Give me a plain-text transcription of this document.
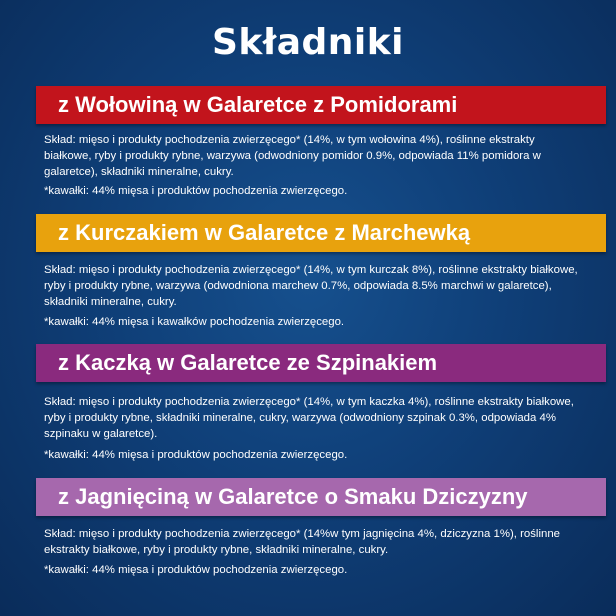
Składniki
z Wołowiną w Galaretce z Pomidorami
Skład: mięso i produkty pochodzenia zwierzęcego* (14%, w tym wołowina 4%), roślinne ekstrakty białkowe, ryby i produkty rybne, warzywa (odwodniony pomidor 0.9%, odpowiada 11% pomidora w galaretce), składniki mineralne, cukry.
*kawałki: 44% mięsa i produktów pochodzenia zwierzęcego.
z Kurczakiem w Galaretce z Marchewką
Skład: mięso i produkty pochodzenia zwierzęcego* (14%, w tym kurczak 8%), roślinne ekstrakty białkowe, ryby i produkty rybne, warzywa (odwodniona marchew 0.7%, odpowiada 8.5% marchwi w galaretce), składniki mineralne, cukry.
*kawałki: 44% mięsa i kawałków pochodzenia zwierzęcego.
z Kaczką w Galaretce ze Szpinakiem
Skład: mięso i produkty pochodzenia zwierzęcego* (14%, w tym kaczka 4%), roślinne ekstrakty białkowe, ryby i produkty rybne, składniki mineralne, cukry, warzywa (odwodniony szpinak 0.3%, odpowiada 4% szpinaku w galaretce).
*kawałki: 44% mięsa i produktów pochodzenia zwierzęcego.
z Jagnięciną w Galaretce o Smaku Dziczyzny
Skład: mięso i produkty pochodzenia zwierzęcego* (14%w tym jagnięcina 4%, dziczyzna 1%), roślinne ekstrakty białkowe, ryby i produkty rybne, składniki mineralne, cukry.
*kawałki: 44% mięsa i produktów pochodzenia zwierzęcego.
